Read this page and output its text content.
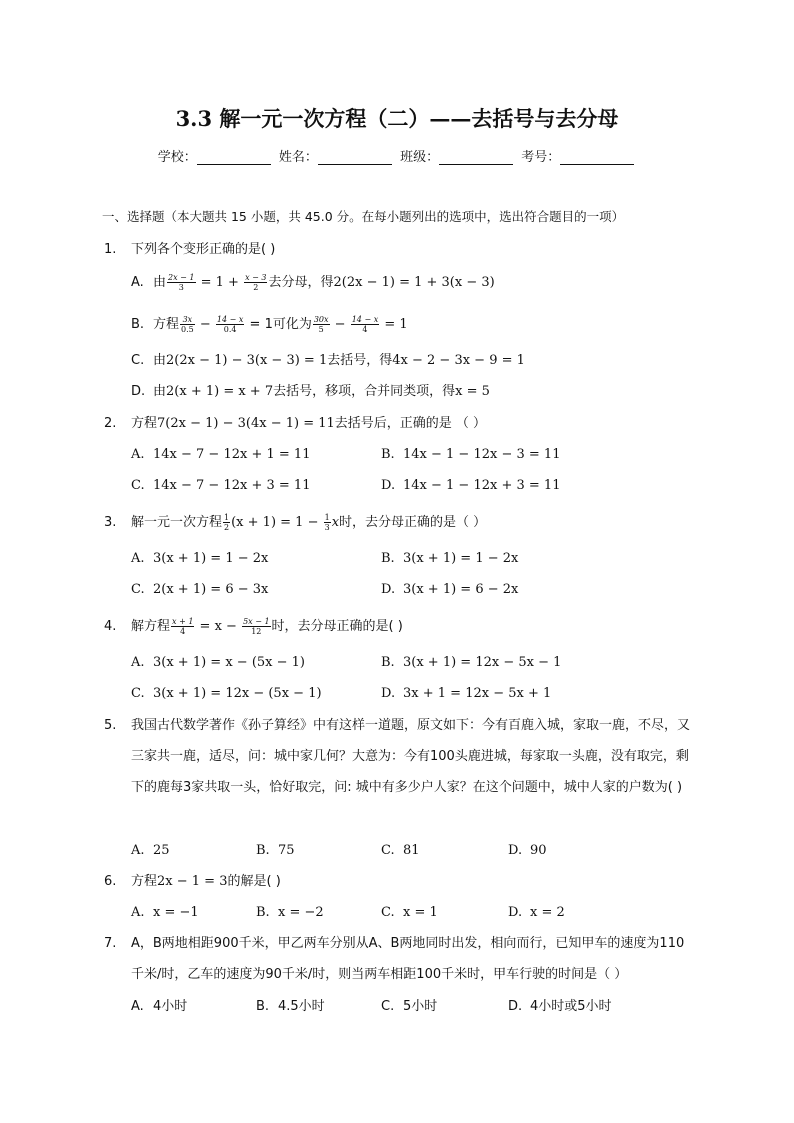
3.3 解一元一次方程（二）——去括号与去分母
学校：	姓名：	班级：	考号：
一、选择题（本大题共 15 小题，共 45.0 分。在每小题列出的选项中，选出符合题目的一项）
1.	下列各个变形正确的是( )
A. 由 $\frac{2x - 1}{3} = 1 + \frac{x - 3}{2}$ 去分母，得2(2x − 1) = 1 + 3(x − 3)
B. 方程 $\frac{3x}{0.5} - \frac{14 - x}{0.4} = 1$可化为 $\frac{30x}{5} - \frac{14 - x}{4} = 1$
C. 由2(2x − 1) − 3(x − 3) = 1去括号，得4x − 2 − 3x − 9 = 1
D. 由2(x + 1) = x + 7去括号，移项，合并同类项，得x = 5
2.	方程7(2x − 1) − 3(4x − 1) = 11去括号后，正确的是 （ ）
A. 14x − 7 − 12x + 1 = 11	B. 14x − 1 − 12x − 3 = 11
C. 14x − 7 − 12x + 3 = 11	D. 14x − 1 − 12x + 3 = 11
3.	解一元一次方程 $\frac{1}{2} (x + 1) = 1 - \frac{1}{3}$ x时，去分母正确的是（ ）
A. 3(x + 1) = 1 − 2x	B. 3(x + 1) = 1 − 2x
C. 2(x + 1) = 6 − 3x	D. 3(x + 1) = 6 − 2x
4.	解方程 $\frac{x + 1}{4} = x - \frac{5x - 1}{12}$ 时，去分母正确的是( )
A. 3(x + 1) = x − (5x − 1)	B. 3(x + 1) = 12x − 5x − 1
C. 3(x + 1) = 12x − (5x − 1)	D. 3x + 1 = 12x − 5x + 1
5.	我国古代数学著作《孙子算经》中有这样一道题，原文如下：今有百鹿入城，家取一鹿，不尽，又三家共一鹿，适尽，问：城中家几何？大意为：今有100头鹿进城，每家取一头鹿，没有取完，剩下的鹿每3家共取一头，恰好取完，问: 城中有多少户人家？在这个问题中，城中人家的户数为( )
A. 25	B. 75	C. 81	D. 90
6.	方程2x − 1 = 3的解是( )
A. x = −1	B. x = −2	C. x = 1	D. x = 2
7.	A，B两地相距900千米，甲乙两车分别从A、B两地同时出发，相向而行，已知甲车的速度为110千米/时，乙车的速度为90千米/时，则当两车相距100千米时，甲车行驶的时间是（ ）
A. 4小时	B. 4.5小时	C. 5小时	D. 4小时或5小时
